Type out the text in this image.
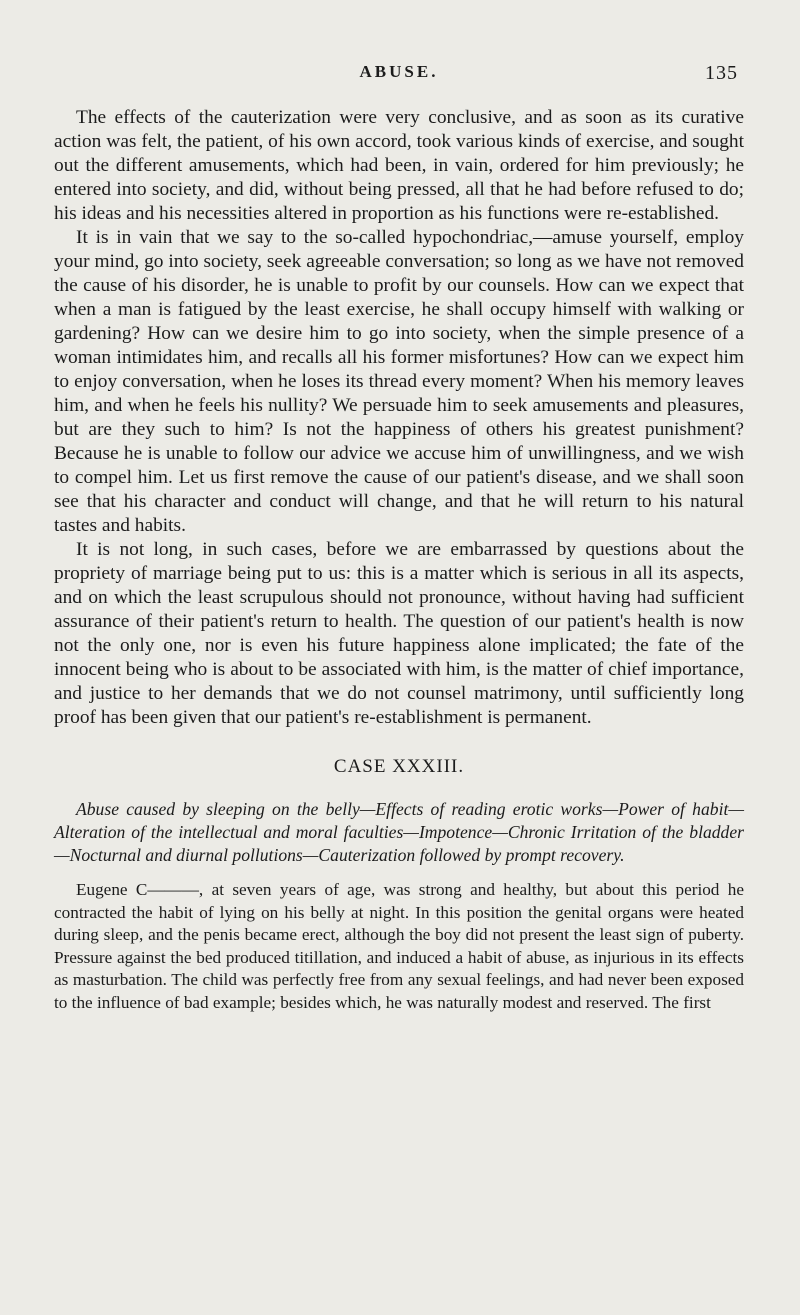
ABUSE.	135

The effects of the cauterization were very conclusive, and as soon as its curative action was felt, the patient, of his own accord, took various kinds of exercise, and sought out the different amusements, which had been, in vain, ordered for him previously; he entered into society, and did, without being pressed, all that he had before refused to do; his ideas and his necessities altered in proportion as his functions were re-established.

It is in vain that we say to the so-called hypochondriac,—amuse yourself, employ your mind, go into society, seek agreeable conversation; so long as we have not removed the cause of his disorder, he is unable to profit by our counsels. How can we expect that when a man is fatigued by the least exercise, he shall occupy himself with walking or gardening? How can we desire him to go into society, when the simple presence of a woman intimidates him, and recalls all his former misfortunes? How can we expect him to enjoy conversation, when he loses its thread every moment? When his memory leaves him, and when he feels his nullity? We persuade him to seek amusements and pleasures, but are they such to him? Is not the happiness of others his greatest punishment? Because he is unable to follow our advice we accuse him of unwillingness, and we wish to compel him. Let us first remove the cause of our patient's disease, and we shall soon see that his character and conduct will change, and that he will return to his natural tastes and habits.

It is not long, in such cases, before we are embarrassed by questions about the propriety of marriage being put to us: this is a matter which is serious in all its aspects, and on which the least scrupulous should not pronounce, without having had sufficient assurance of their patient's return to health. The question of our patient's health is now not the only one, nor is even his future happiness alone implicated; the fate of the innocent being who is about to be associated with him, is the matter of chief importance, and justice to her demands that we do not counsel matrimony, until sufficiently long proof has been given that our patient's re-establishment is permanent.

CASE XXXIII.

Abuse caused by sleeping on the belly—Effects of reading erotic works—Power of habit—Alteration of the intellectual and moral faculties—Impotence—Chronic Irritation of the bladder—Nocturnal and diurnal pollutions—Cauterization followed by prompt recovery.

Eugene C———, at seven years of age, was strong and healthy, but about this period he contracted the habit of lying on his belly at night. In this position the genital organs were heated during sleep, and the penis became erect, although the boy did not present the least sign of puberty. Pressure against the bed produced titillation, and induced a habit of abuse, as injurious in its effects as masturbation. The child was perfectly free from any sexual feelings, and had never been exposed to the influence of bad example; besides which, he was naturally modest and reserved. The first
